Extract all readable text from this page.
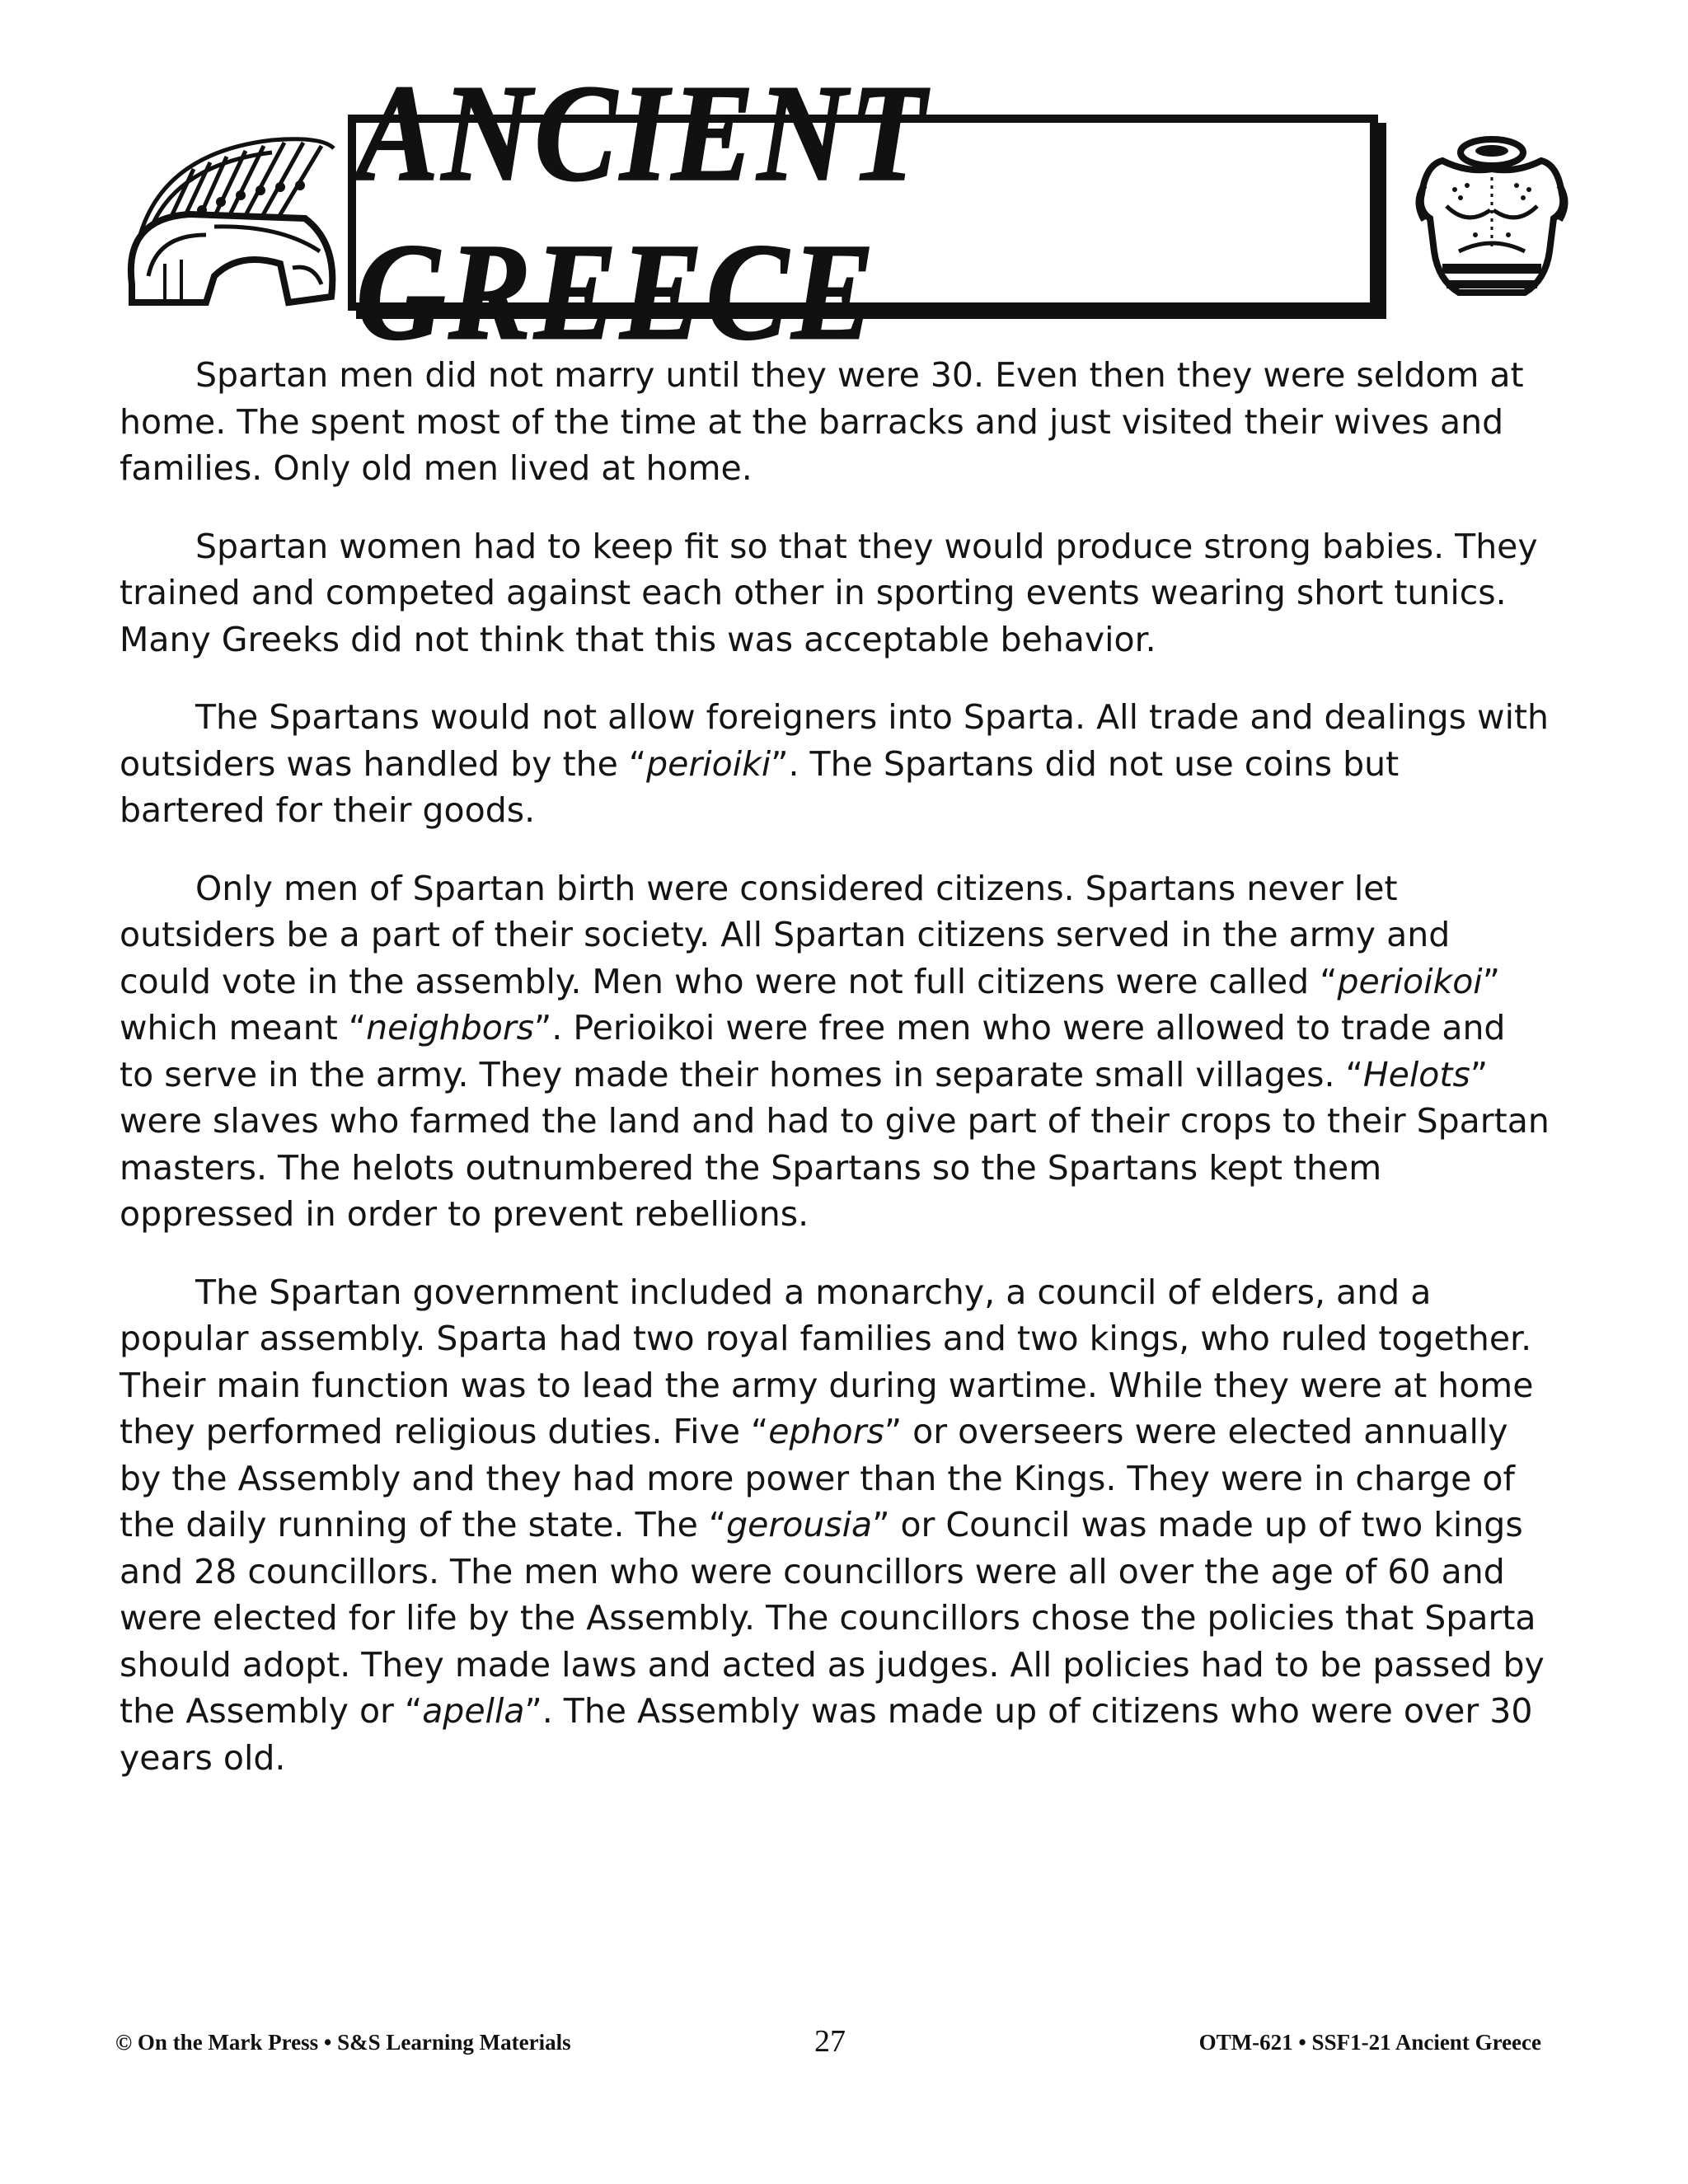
ANCIENT GREECE

Spartan men did not marry until they were 30. Even then they were seldom at home. The spent most of the time at the barracks and just visited their wives and families. Only old men lived at home.

Spartan women had to keep fit so that they would produce strong babies. They trained and competed against each other in sporting events wearing short tunics. Many Greeks did not think that this was acceptable behavior.

The Spartans would not allow foreigners into Sparta. All trade and dealings with outsiders was handled by the “perioiki”. The Spartans did not use coins but bartered for their goods.

Only men of Spartan birth were considered citizens. Spartans never let outsiders be a part of their society. All Spartan citizens served in the army and could vote in the assembly. Men who were not full citizens were called “perioikoi” which meant “neighbors”. Perioikoi were free men who were allowed to trade and to serve in the army. They made their homes in separate small villages. “Helots” were slaves who farmed the land and had to give part of their crops to their Spartan masters. The helots outnumbered the Spartans so the Spartans kept them oppressed in order to prevent rebellions.

The Spartan government included a monarchy, a council of elders, and a popular assembly. Sparta had two royal families and two kings, who ruled together. Their main function was to lead the army during wartime. While they were at home they performed religious duties. Five “ephors” or overseers were elected annually by the Assembly and they had more power than the Kings. They were in charge of the daily running of the state. The “gerousia” or Council was made up of two kings and 28 councillors. The men who were councillors were all over the age of 60 and were elected for life by the Assembly. The councillors chose the policies that Sparta should adopt. They made laws and acted as judges. All policies had to be passed by the Assembly or “apella”. The Assembly was made up of citizens who were over 30 years old.

© On the Mark Press • S&S Learning Materials	27	OTM-621 • SSF1-21 Ancient Greece
